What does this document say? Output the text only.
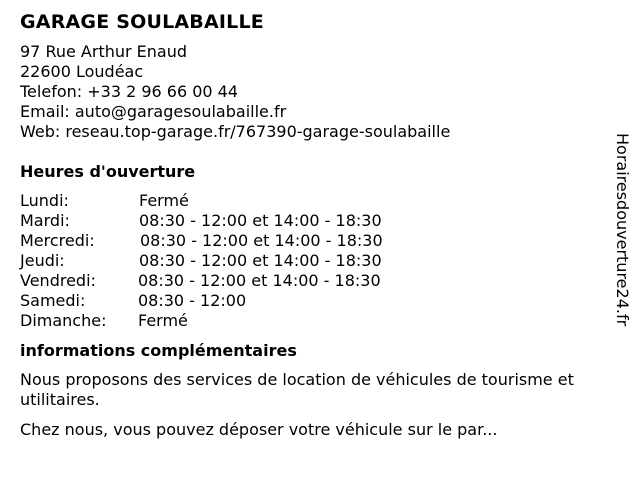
GARAGE SOULABAILLE
97 Rue Arthur Enaud
22600 Loudéac
Telefon: +33 2 96 66 00 44
Email: auto@garagesoulabaille.fr
Web: reseau.top-garage.fr/767390-garage-soulabaille
Heures d'ouverture
Lundi:	Fermé
Mardi:	08:30 - 12:00 et 14:00 - 18:30
Mercredi:	08:30 - 12:00 et 14:00 - 18:30
Jeudi:	08:30 - 12:00 et 14:00 - 18:30
Vendredi:	08:30 - 12:00 et 14:00 - 18:30
Samedi:	08:30 - 12:00
Dimanche:	Fermé
informations complémentaires

Nous proposons des services de location de véhicules de tourisme et utilitaires.

Chez nous, vous pouvez déposer votre véhicule sur le par...

Horairesdouverture24.fr
